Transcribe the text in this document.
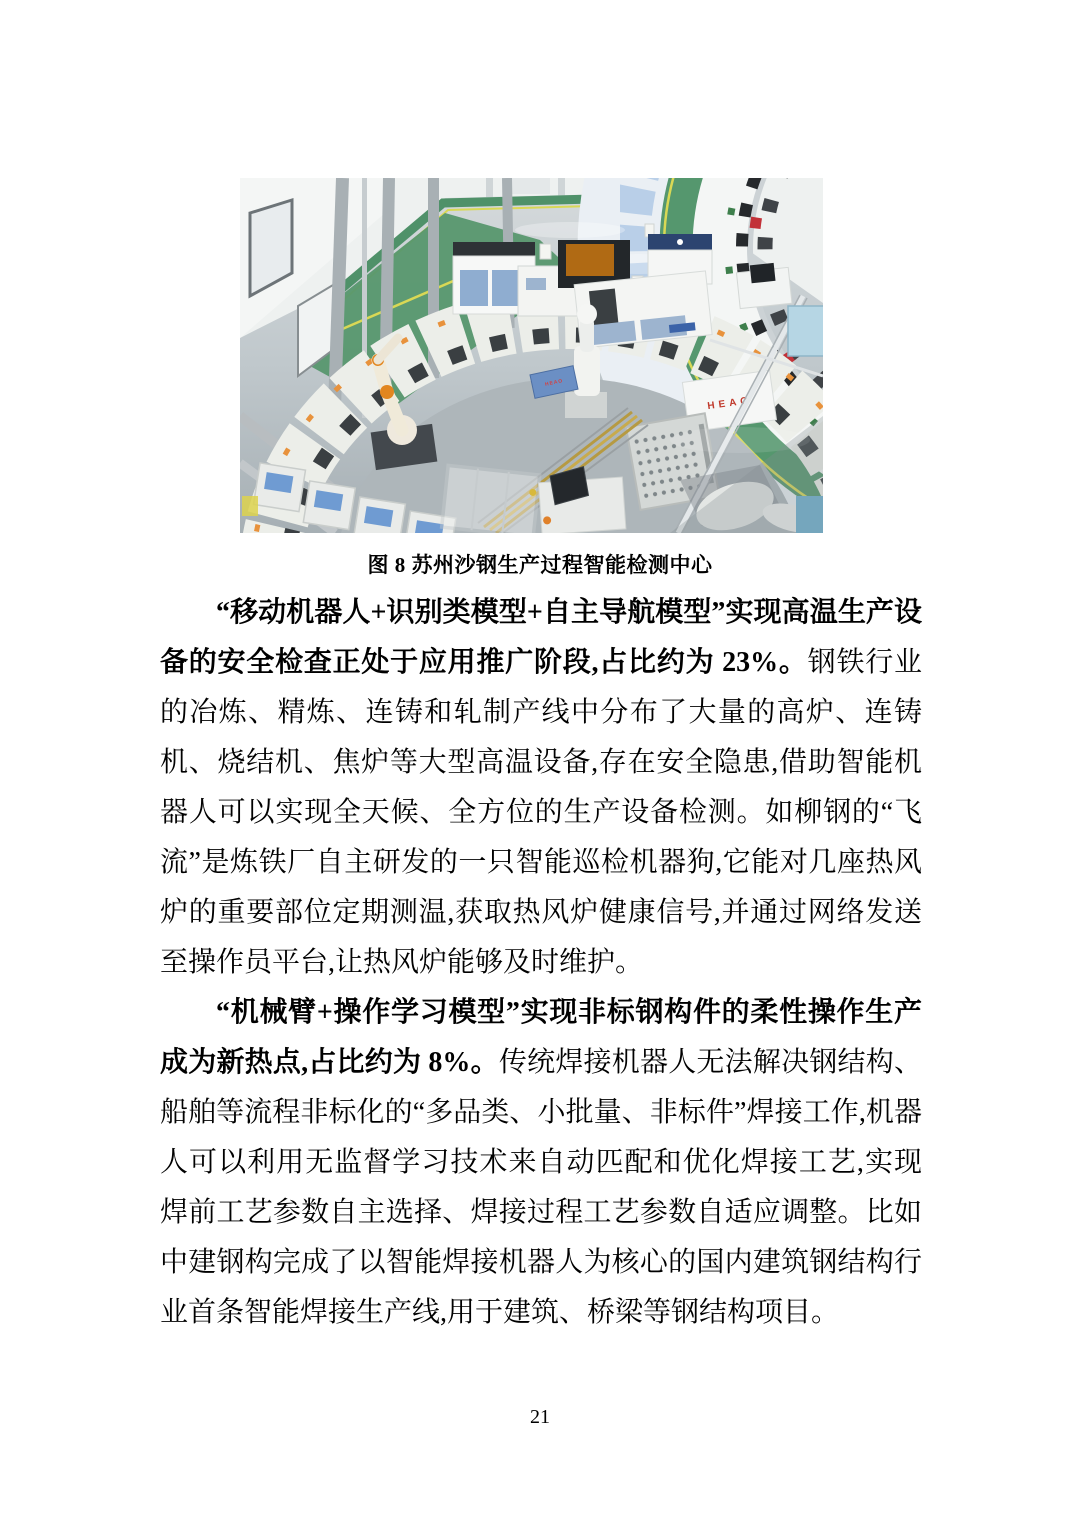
HEAO
HEAO
图 8 苏州沙钢生产过程智能检测中心

“移动机器人+识别类模型+自主导航模型”实现高温生产设备的安全检查正处于应用推广阶段,占比约为 23%。钢铁行业的冶炼、精炼、连铸和轧制产线中分布了大量的高炉、连铸机、烧结机、焦炉等大型高温设备,存在安全隐患,借助智能机器人可以实现全天候、全方位的生产设备检测。如柳钢的“飞流”是炼铁厂自主研发的一只智能巡检机器狗,它能对几座热风炉的重要部位定期测温,获取热风炉健康信号,并通过网络发送至操作员平台,让热风炉能够及时维护。

“机械臂+操作学习模型”实现非标钢构件的柔性操作生产成为新热点,占比约为 8%。传统焊接机器人无法解决钢结构、船舶等流程非标化的“多品类、小批量、非标件”焊接工作,机器人可以利用无监督学习技术来自动匹配和优化焊接工艺,实现焊前工艺参数自主选择、焊接过程工艺参数自适应调整。比如中建钢构完成了以智能焊接机器人为核心的国内建筑钢结构行业首条智能焊接生产线,用于建筑、桥梁等钢结构项目。

21
